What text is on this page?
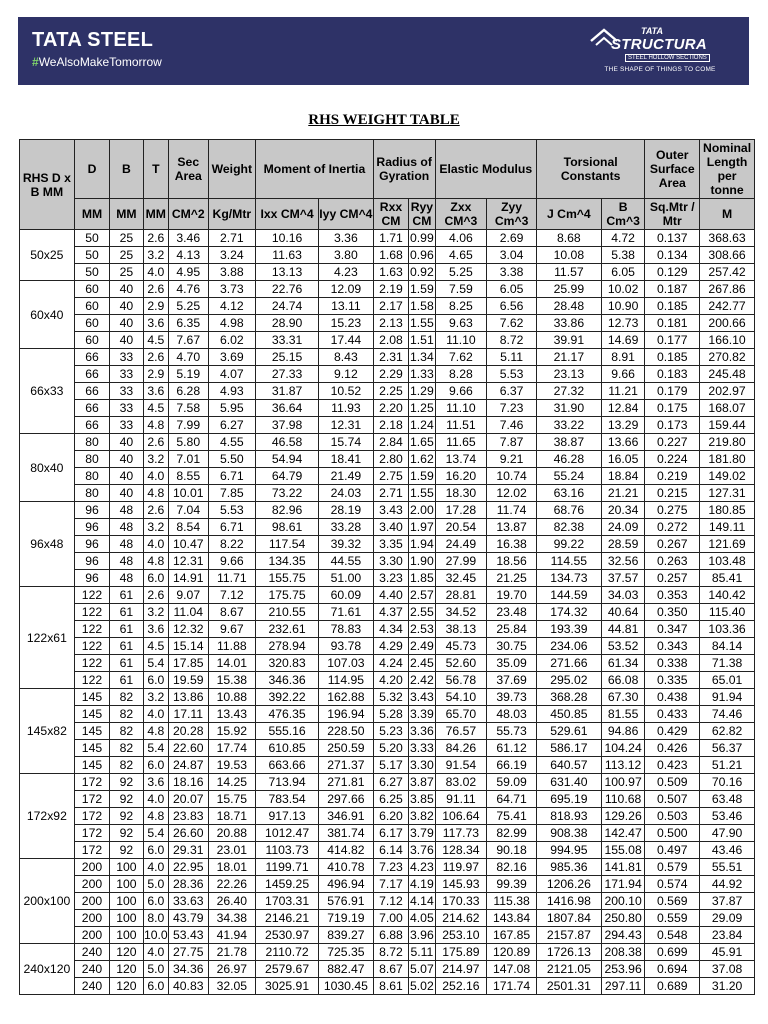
TATA STEEL
#WeAlsoMakeTomorrow
TATA
STRUCTURA
STEEL HOLLOW SECTIONS
THE SHAPE OF THINGS TO COME
RHS WEIGHT TABLE
RHS D x B MM	D	B	T	Sec Area	Weight	Moment of Inertia		Radius of Gyration		Elastic Modulus		Torsional Constants		Outer Surface Area	Nominal Length per tonne
	MM	MM	MM	CM^2	Kg/Mtr	Ixx CM^4	Iyy CM^4	Rxx CM	Ryy CM	Zxx CM^3	Zyy Cm^3	J Cm^4	B Cm^3	Sq.Mtr / Mtr	M
50x25	50	25	2.6	3.46	2.71	10.16	3.36	1.71	0.99	4.06	2.69	8.68	4.72	0.137	368.63
	50	25	3.2	4.13	3.24	11.63	3.80	1.68	0.96	4.65	3.04	10.08	5.38	0.134	308.66
	50	25	4.0	4.95	3.88	13.13	4.23	1.63	0.92	5.25	3.38	11.57	6.05	0.129	257.42
60x40	60	40	2.6	4.76	3.73	22.76	12.09	2.19	1.59	7.59	6.05	25.99	10.02	0.187	267.86
	60	40	2.9	5.25	4.12	24.74	13.11	2.17	1.58	8.25	6.56	28.48	10.90	0.185	242.77
	60	40	3.6	6.35	4.98	28.90	15.23	2.13	1.55	9.63	7.62	33.86	12.73	0.181	200.66
	60	40	4.5	7.67	6.02	33.31	17.44	2.08	1.51	11.10	8.72	39.91	14.69	0.177	166.10
66x33	66	33	2.6	4.70	3.69	25.15	8.43	2.31	1.34	7.62	5.11	21.17	8.91	0.185	270.82
	66	33	2.9	5.19	4.07	27.33	9.12	2.29	1.33	8.28	5.53	23.13	9.66	0.183	245.48
	66	33	3.6	6.28	4.93	31.87	10.52	2.25	1.29	9.66	6.37	27.32	11.21	0.179	202.97
	66	33	4.5	7.58	5.95	36.64	11.93	2.20	1.25	11.10	7.23	31.90	12.84	0.175	168.07
	66	33	4.8	7.99	6.27	37.98	12.31	2.18	1.24	11.51	7.46	33.22	13.29	0.173	159.44
80x40	80	40	2.6	5.80	4.55	46.58	15.74	2.84	1.65	11.65	7.87	38.87	13.66	0.227	219.80
	80	40	3.2	7.01	5.50	54.94	18.41	2.80	1.62	13.74	9.21	46.28	16.05	0.224	181.80
	80	40	4.0	8.55	6.71	64.79	21.49	2.75	1.59	16.20	10.74	55.24	18.84	0.219	149.02
	80	40	4.8	10.01	7.85	73.22	24.03	2.71	1.55	18.30	12.02	63.16	21.21	0.215	127.31
96x48	96	48	2.6	7.04	5.53	82.96	28.19	3.43	2.00	17.28	11.74	68.76	20.34	0.275	180.85
	96	48	3.2	8.54	6.71	98.61	33.28	3.40	1.97	20.54	13.87	82.38	24.09	0.272	149.11
	96	48	4.0	10.47	8.22	117.54	39.32	3.35	1.94	24.49	16.38	99.22	28.59	0.267	121.69
	96	48	4.8	12.31	9.66	134.35	44.55	3.30	1.90	27.99	18.56	114.55	32.56	0.263	103.48
	96	48	6.0	14.91	11.71	155.75	51.00	3.23	1.85	32.45	21.25	134.73	37.57	0.257	85.41
122x61	122	61	2.6	9.07	7.12	175.75	60.09	4.40	2.57	28.81	19.70	144.59	34.03	0.353	140.42
	122	61	3.2	11.04	8.67	210.55	71.61	4.37	2.55	34.52	23.48	174.32	40.64	0.350	115.40
	122	61	3.6	12.32	9.67	232.61	78.83	4.34	2.53	38.13	25.84	193.39	44.81	0.347	103.36
	122	61	4.5	15.14	11.88	278.94	93.78	4.29	2.49	45.73	30.75	234.06	53.52	0.343	84.14
	122	61	5.4	17.85	14.01	320.83	107.03	4.24	2.45	52.60	35.09	271.66	61.34	0.338	71.38
	122	61	6.0	19.59	15.38	346.36	114.95	4.20	2.42	56.78	37.69	295.02	66.08	0.335	65.01
145x82	145	82	3.2	13.86	10.88	392.22	162.88	5.32	3.43	54.10	39.73	368.28	67.30	0.438	91.94
	145	82	4.0	17.11	13.43	476.35	196.94	5.28	3.39	65.70	48.03	450.85	81.55	0.433	74.46
	145	82	4.8	20.28	15.92	555.16	228.50	5.23	3.36	76.57	55.73	529.61	94.86	0.429	62.82
	145	82	5.4	22.60	17.74	610.85	250.59	5.20	3.33	84.26	61.12	586.17	104.24	0.426	56.37
	145	82	6.0	24.87	19.53	663.66	271.37	5.17	3.30	91.54	66.19	640.57	113.12	0.423	51.21
172x92	172	92	3.6	18.16	14.25	713.94	271.81	6.27	3.87	83.02	59.09	631.40	100.97	0.509	70.16
	172	92	4.0	20.07	15.75	783.54	297.66	6.25	3.85	91.11	64.71	695.19	110.68	0.507	63.48
	172	92	4.8	23.83	18.71	917.13	346.91	6.20	3.82	106.64	75.41	818.93	129.26	0.503	53.46
	172	92	5.4	26.60	20.88	1012.47	381.74	6.17	3.79	117.73	82.99	908.38	142.47	0.500	47.90
	172	92	6.0	29.31	23.01	1103.73	414.82	6.14	3.76	128.34	90.18	994.95	155.08	0.497	43.46
200x100	200	100	4.0	22.95	18.01	1199.71	410.78	7.23	4.23	119.97	82.16	985.36	141.81	0.579	55.51
	200	100	5.0	28.36	22.26	1459.25	496.94	7.17	4.19	145.93	99.39	1206.26	171.94	0.574	44.92
	200	100	6.0	33.63	26.40	1703.31	576.91	7.12	4.14	170.33	115.38	1416.98	200.10	0.569	37.87
	200	100	8.0	43.79	34.38	2146.21	719.19	7.00	4.05	214.62	143.84	1807.84	250.80	0.559	29.09
	200	100	10.0	53.43	41.94	2530.97	839.27	6.88	3.96	253.10	167.85	2157.87	294.43	0.548	23.84
240x120	240	120	4.0	27.75	21.78	2110.72	725.35	8.72	5.11	175.89	120.89	1726.13	208.38	0.699	45.91
	240	120	5.0	34.36	26.97	2579.67	882.47	8.67	5.07	214.97	147.08	2121.05	253.96	0.694	37.08
	240	120	6.0	40.83	32.05	3025.91	1030.45	8.61	5.02	252.16	171.74	2501.31	297.11	0.689	31.20
